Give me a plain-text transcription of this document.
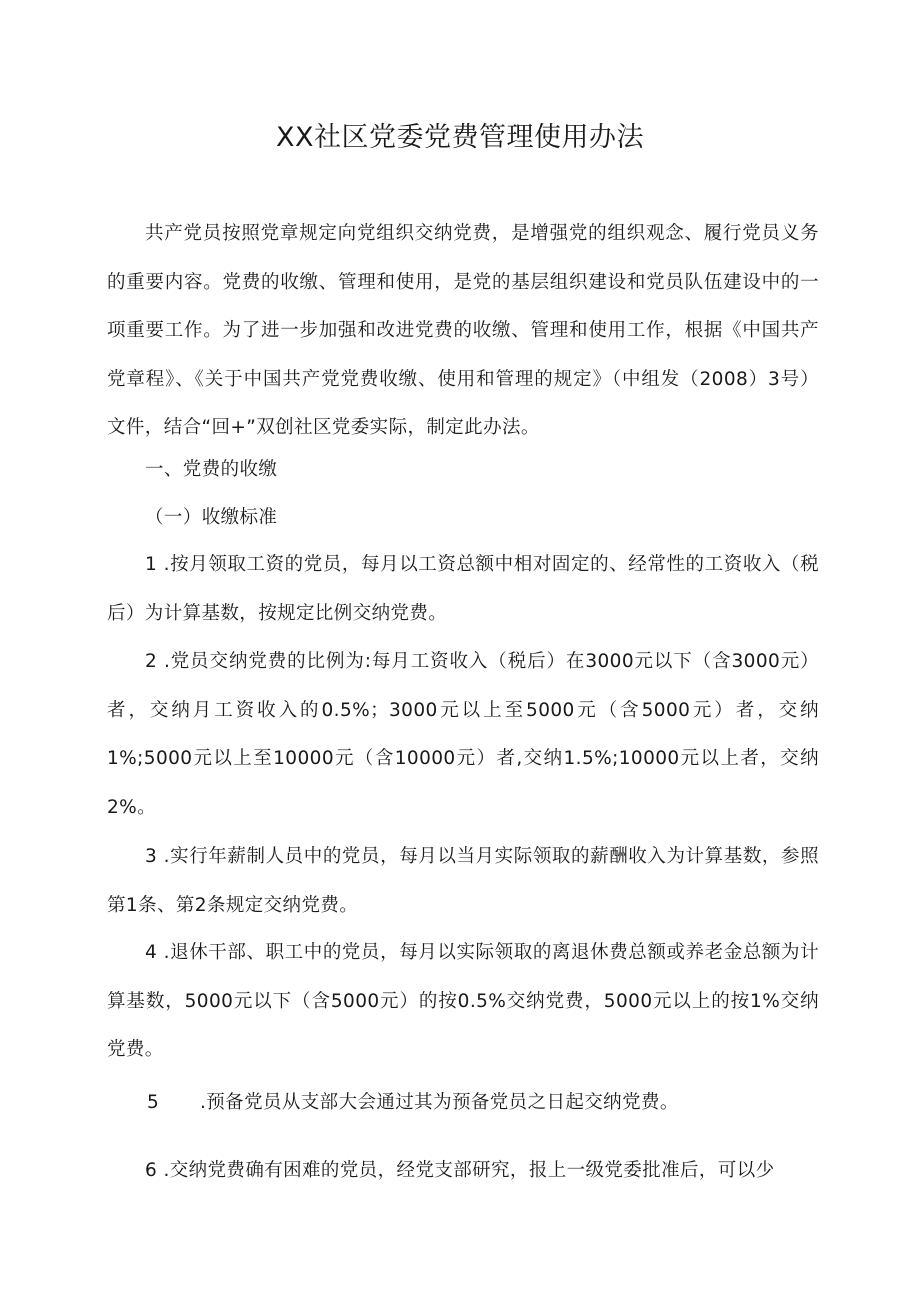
XX社区党委党费管理使用办法

共产党员按照党章规定向党组织交纳党费，是增强党的组织观念、履行党员义务的重要内容。党费的收缴、管理和使用，是党的基层组织建设和党员队伍建设中的一项重要工作。为了进一步加强和改进党费的收缴、管理和使用工作，根据《中国共产党章程》、《关于中国共产党党费收缴、使用和管理的规定》（中组发（2008）3号）文件，结合“回+”双创社区党委实际，制定此办法。

一、党费的收缴
（一）收缴标准

1 .按月领取工资的党员，每月以工资总额中相对固定的、经常性的工资收入（税后）为计算基数，按规定比例交纳党费。

2 .党员交纳党费的比例为:每月工资收入（税后）在3000元以下（含3000元）者，交纳月工资收入的0.5%；3000元以上至5000元（含5000元）者，交纳1%;5000元以上至10000元（含10000元）者,交纳1.5%;10000元以上者，交纳2%。

3 .实行年薪制人员中的党员，每月以当月实际领取的薪酬收入为计算基数，参照第1条、第2条规定交纳党费。

4 .退休干部、职工中的党员，每月以实际领取的离退休费总额或养老金总额为计算基数，5000元以下（含5000元）的按0.5%交纳党费，5000元以上的按1%交纳党费。

5	.预备党员从支部大会通过其为预备党员之日起交纳党费。
6 .交纳党费确有困难的党员，经党支部研究，报上一级党委批准后，可以少
